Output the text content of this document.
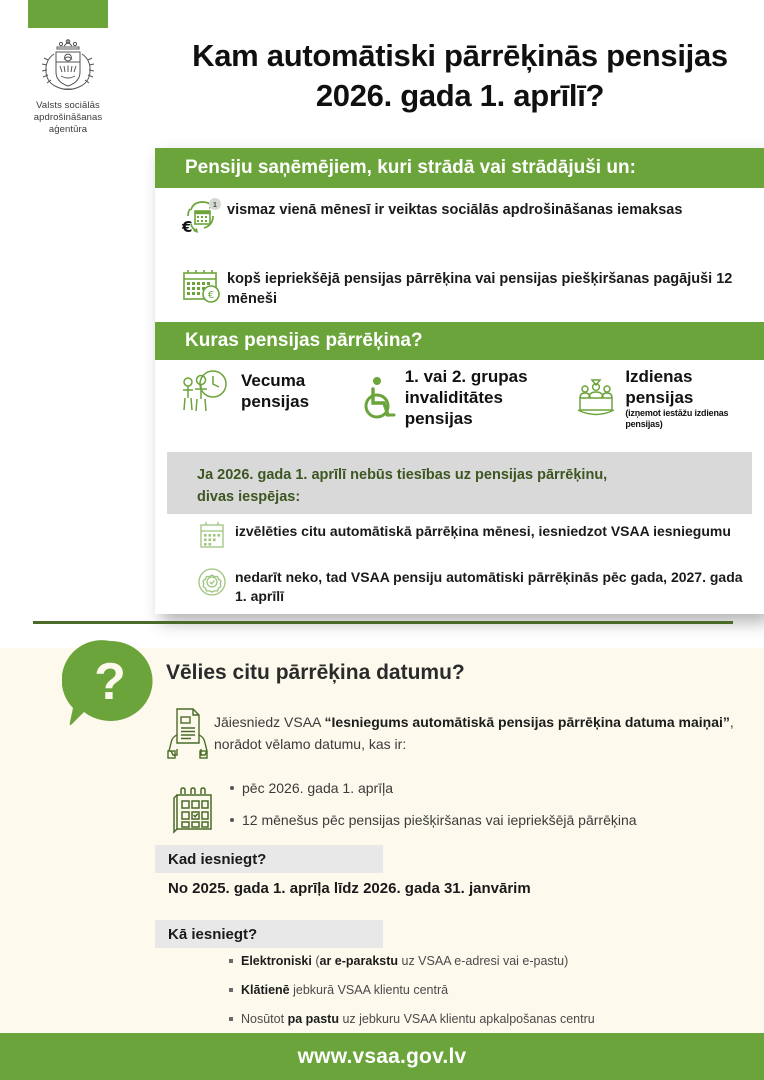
Valsts sociālās
apdrošināšanas
aģentūra
Kam automātiski pārrēķinās pensijas 2026. gada 1. aprīlī?
Pensiju saņēmējiem, kuri strādā vai strādājuši un:
€
1 vismaz vienā mēnesī ir veiktas sociālās apdrošināšanas iemaksas
€
kopš iepriekšējā pensijas pārrēķina vai pensijas piešķiršanas pagājuši 12 mēneši
Kuras pensijas pārrēķina?
Vecuma
pensijas
1. vai 2. grupas
invaliditātes pensijas
Izdienas
pensijas
(izņemot iestāžu izdienas pensijas)
Ja 2026. gada 1. aprīlī nebūs tiesības uz pensijas pārrēķinu,
divas iespējas:
izvēlēties citu automātiskā pārrēķina mēnesi, iesniedzot VSAA iesniegumu
nedarīt neko, tad VSAA pensiju automātiski pārrēķinās pēc gada, 2027. gada 1. aprīlī
? Vēlies citu pārrēķina datumu?
Jāiesniedz VSAA “Iesniegums automātiskā pensijas pārrēķina datuma maiņai”, norādot vēlamo datumu, kas ir:
pēc 2026. gada 1. aprīļa
12 mēnešus pēc pensijas piešķiršanas vai iepriekšējā pārrēķina
Kad iesniegt?
No 2025. gada 1. aprīļa līdz 2026. gada 31. janvārim
Kā iesniegt?
Elektroniski (ar e-parakstu uz VSAA e-adresi vai e-pastu)
Klātienē jebkurā VSAA klientu centrā
Nosūtot pa pastu uz jebkuru VSAA klientu apkalpošanas centru
www.vsaa.gov.lv
